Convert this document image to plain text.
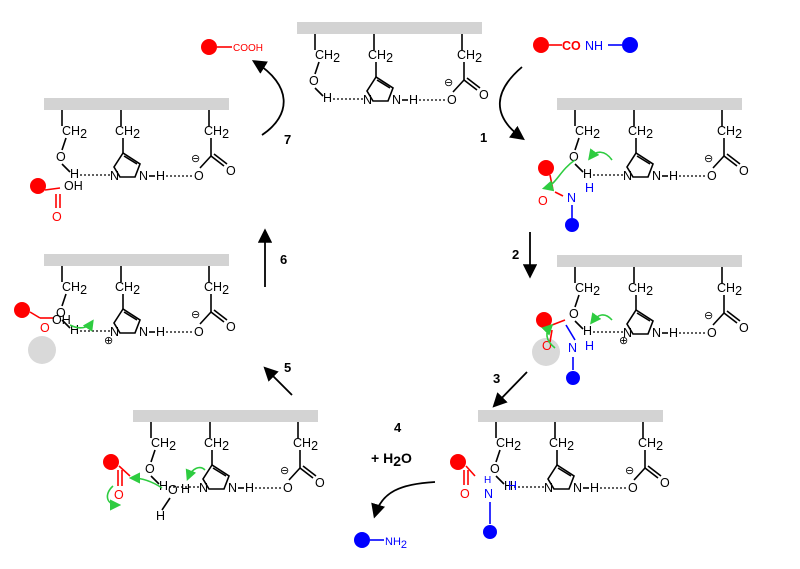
CH2
O
H
CH2
N	N H
CH2
O
⊖
O
CO NH
COOH
1
7
O N
H
2
O N H ⊕
3
O N
H
H
4
+ H2O
NH2
O	O H
H
5
O
OH
⊕
6
O
OH
